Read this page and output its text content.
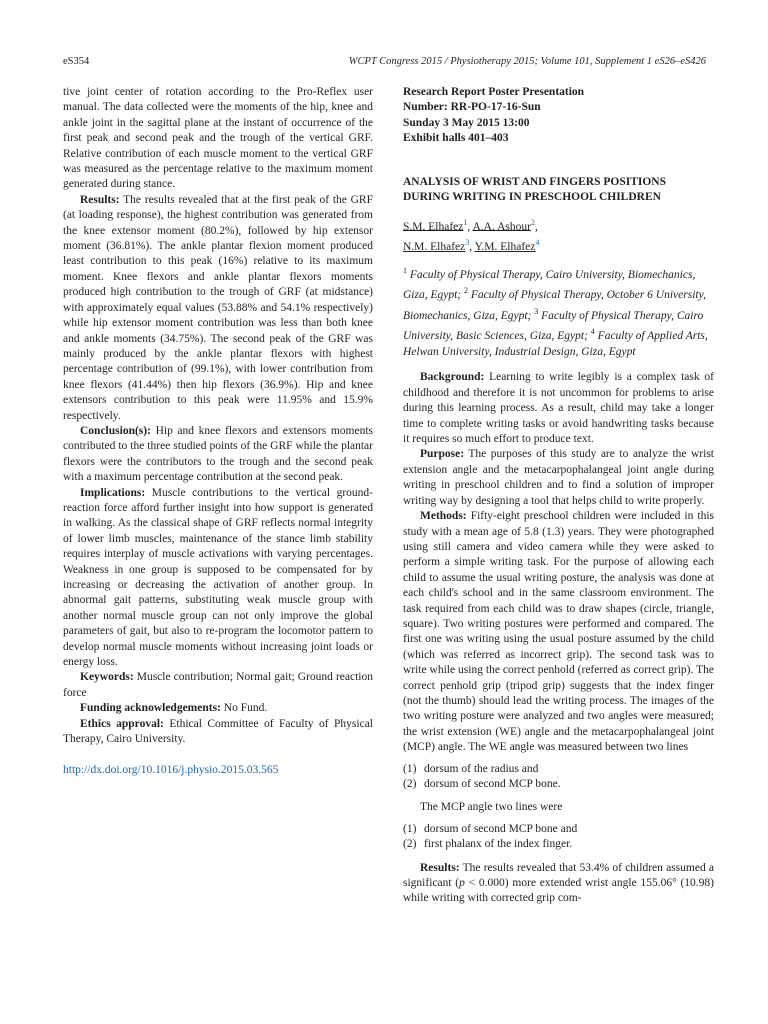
eS354	WCPT Congress 2015 / Physiotherapy 2015; Volume 101, Supplement 1 eS26–eS426

tive joint center of rotation according to the Pro-Reflex user manual. The data collected were the moments of the hip, knee and ankle joint in the sagittal plane at the instant of occurrence of the first peak and second peak and the trough of the vertical GRF. Relative contribution of each muscle moment to the vertical GRF was measured as the percentage relative to the maximum moment generated during stance.

Results: The results revealed that at the first peak of the GRF (at loading response), the highest contribution was generated from the knee extensor moment (80.2%), followed by hip extensor moment (36.81%). The ankle plantar flexion moment produced least contribution to this peak (16%) relative to its maximum moment. Knee flexors and ankle plantar flexors moments produced high contribution to the trough of GRF (at midstance) with approximately equal values (53.88% and 54.1% respectively) while hip extensor moment contribution was less than both knee and ankle moments (34.75%). The second peak of the GRF was mainly produced by the ankle plantar flexors with highest percentage contribution of (99.1%), with lower contribution from knee flexors (41.44%) then hip flexors (36.9%). Hip and knee extensors contribution to this peak were 11.95% and 15.9% respectively.

Conclusion(s): Hip and knee flexors and extensors moments contributed to the three studied points of the GRF while the plantar flexors were the contributors to the trough and the second peak with a maximum percentage contribution at the second peak.

Implications: Muscle contributions to the vertical ground-reaction force afford further insight into how support is generated in walking. As the classical shape of GRF reflects normal integrity of lower limb muscles, maintenance of the stance limb stability requires interplay of muscle activations with varying percentages. Weakness in one group is supposed to be compensated for by increasing or decreasing the activation of another group. In abnormal gait patterns, substituting weak muscle group with another normal muscle group can not only improve the global parameters of gait, but also to re-program the locomotor pattern to develop normal muscle moments without increasing joint loads or energy loss.

Keywords: Muscle contribution; Normal gait; Ground reaction force

Funding acknowledgements: No Fund.

Ethics approval: Ethical Committee of Faculty of Physical Therapy, Cairo University.

http://dx.doi.org/10.1016/j.physio.2015.03.565

Research Report Poster Presentation
Number: RR-PO-17-16-Sun
Sunday 3 May 2015 13:00
Exhibit halls 401–403
ANALYSIS OF WRIST AND FINGERS POSITIONS DURING WRITING IN PRESCHOOL CHILDREN
S.M. Elhafez$^1$, A.A. Ashour$^2$,
N.M. Elhafez$^3$, Y.M. Elhafez$^4$
$^1$ Faculty of Physical Therapy, Cairo University, Biomechanics, Giza, Egypt; $^2$ Faculty of Physical Therapy, October 6 University, Biomechanics, Giza, Egypt; $^3$ Faculty of Physical Therapy, Cairo University, Basic Sciences, Giza, Egypt; $^4$ Faculty of Applied Arts, Helwan University, Industrial Design, Giza, Egypt

Background: Learning to write legibly is a complex task of childhood and therefore it is not uncommon for problems to arise during this learning process. As a result, child may take a longer time to complete writing tasks or avoid handwriting tasks because it requires so much effort to produce text.

Purpose: The purposes of this study are to analyze the wrist extension angle and the metacarpophalangeal joint angle during writing in preschool children and to find a solution of improper writing way by designing a tool that helps child to write properly.

Methods: Fifty-eight preschool children were included in this study with a mean age of 5.8 (1.3) years. They were photographed using still camera and video camera while they were asked to perform a simple writing task. For the purpose of allowing each child to assume the usual writing posture, the analysis was done at each child's school and in the same classroom environment. The task required from each child was to draw shapes (circle, triangle, square). Two writing postures were performed and compared. The first one was writing using the usual posture assumed by the child (which was referred as incorrect grip). The second task was to write while using the correct penhold (referred as correct grip). The correct penhold grip (tripod grip) suggests that the index finger (not the thumb) should lead the writing process. The images of the two writing posture were analyzed and two angles were measured; the wrist extension (WE) angle and the metacarpophalangeal joint (MCP) angle. The WE angle was measured between two lines

(1) dorsum of the radius and
(2) dorsum of second MCP bone.

The MCP angle two lines were

(1) dorsum of second MCP bone and
(2) first phalanx of the index finger.

Results: The results revealed that 53.4% of children assumed a significant (p < 0.000) more extended wrist angle 155.06° (10.98) while writing with corrected grip com-
